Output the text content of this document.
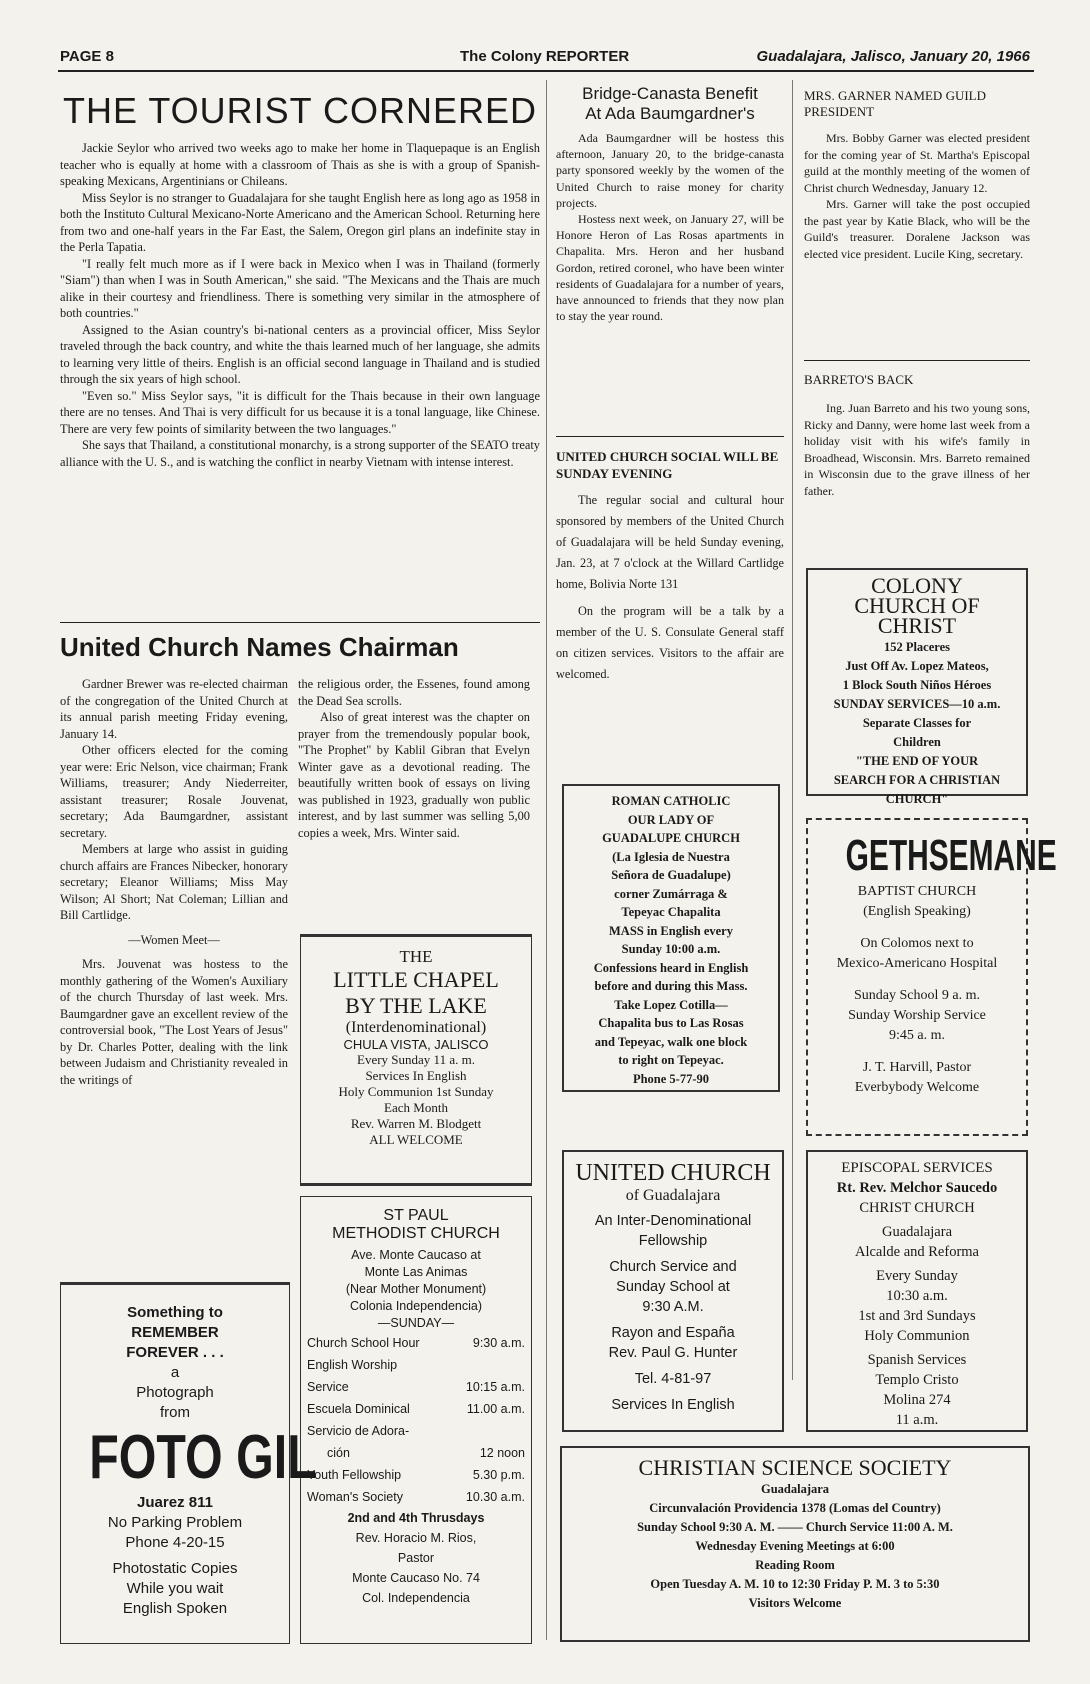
PAGE 8	The Colony REPORTER	Guadalajara, Jalisco, January 20, 1966
THE TOURIST CORNERED

Jackie Seylor who arrived two weeks ago to make her home in Tlaquepaque is an English teacher who is equally at home with a classroom of Thais as she is with a group of Spanish-speaking Mexicans, Argentinians or Chileans.

Miss Seylor is no stranger to Guadalajara for she taught English here as long ago as 1958 in both the Instituto Cultural Mexicano-Norte Americano and the American School. Returning here from two and one-half years in the Far East, the Salem, Oregon girl plans an indefinite stay in the Perla Tapatia.

"I really felt much more as if I were back in Mexico when I was in Thailand (formerly "Siam") than when I was in South American," she said. "The Mexicans and the Thais are much alike in their courtesy and friendliness. There is something very similar in the atmosphere of both countries."

Assigned to the Asian country's bi-national centers as a provincial officer, Miss Seylor traveled through the back country, and white the thais learned much of her language, she admits to learning very little of theirs. English is an official second language in Thailand and is studied through the six years of high school.

"Even so." Miss Seylor says, "it is difficult for the Thais because in their own language there are no tenses. And Thai is very difficult for us because it is a tonal language, like Chinese. There are very few points of similarity between the two languages."

She says that Thailand, a constitutional monarchy, is a strong supporter of the SEATO treaty alliance with the U. S., and is watching the conflict in nearby Vietnam with intense interest.

United Church Names Chairman

Gardner Brewer was re-elected chairman of the congregation of the United Church at its annual parish meeting Friday evening, January 14.

Other officers elected for the coming year were: Eric Nelson, vice chairman; Frank Williams, treasurer; Andy Niederreiter, assistant treasurer; Rosale Jouvenat, secretary; Ada Baumgardner, assistant secretary.

Members at large who assist in guiding church affairs are Frances Nibecker, honorary secretary; Eleanor Williams; Miss May Wilson; Al Short; Nat Coleman; Lillian and Bill Cartlidge.

—Women Meet—

Mrs. Jouvenat was hostess to the monthly gathering of the Women's Auxiliary of the church Thursday of last week. Mrs. Baumgardner gave an excellent review of the controversial book, "The Lost Years of Jesus" by Dr. Charles Potter, dealing with the link between Judaism and Christianity revealed in the writings of

the religious order, the Essenes, found among the Dead Sea scrolls.

Also of great interest was the chapter on prayer from the tremendously popular book, "The Prophet" by Kablil Gibran that Evelyn Winter gave as a devotional reading. The beautifully written book of essays on living was published in 1923, gradually won public interest, and by last summer was selling 5,00 copies a week, Mrs. Winter said.

THE
LITTLE CHAPEL
BY THE LAKE
(Interdenominational)
CHULA VISTA, JALISCO
Every Sunday 11 a. m.
Services In English
Holy Communion 1st Sunday
Each Month
Rev. Warren M. Blodgett
ALL WELCOME
ST PAUL
METHODIST CHURCH
Ave. Monte Caucaso at
Monte Las Animas
(Near Mother Monument)
Colonia Independencia)
—SUNDAY—
Church School Hour	9:30 a.m.
English Worship
Service	10:15 a.m.
Escuela Dominical	11.00 a.m.
Servicio de Adora-
ción	12 noon
Youth Fellowship	5.30 p.m.
Woman's Society	10.30 a.m.
2nd and 4th Thrusdays
Rev. Horacio M. Rios,
Pastor
Monte Caucaso No. 74
Col. Independencia
Something to
REMEMBER
FOREVER . . .
a
Photograph
from
FOTO GIL
Juarez 811
No Parking Problem
Phone 4-20-15
Photostatic Copies
While you wait
English Spoken
Bridge-Canasta Benefit
At Ada Baumgardner's

Ada Baumgardner will be hostess this afternoon, January 20, to the bridge-canasta party sponsored weekly by the women of the United Church to raise money for charity projects.

Hostess next week, on January 27, will be Honore Heron of Las Rosas apartments in Chapalita. Mrs. Heron and her husband Gordon, retired coronel, who have been winter residents of Guadalajara for a number of years, have announced to friends that they now plan to stay the year round.

UNITED CHURCH SOCIAL WILL BE SUNDAY EVENING

The regular social and cultural hour sponsored by members of the United Church of Guadalajara will be held Sunday evening, Jan. 23, at 7 o'clock at the Willard Cartlidge home, Bolivia Norte 131

On the program will be a talk by a member of the U. S. Consulate General staff on citizen services. Visitors to the affair are welcomed.

ROMAN CATHOLIC
OUR LADY OF
GUADALUPE CHURCH
(La Iglesia de Nuestra
Señora de Guadalupe)
corner Zumárraga &
Tepeyac Chapalita
MASS in English every
Sunday 10:00 a.m.
Confessions heard in English
before and during this Mass.
Take Lopez Cotilla—
Chapalita bus to Las Rosas
and Tepeyac, walk one block
to right on Tepeyac.
Phone 5-77-90
UNITED CHURCH
of Guadalajara
An Inter-Denominational
Fellowship
Church Service and
Sunday School at
9:30 A.M.
Rayon and España
Rev. Paul G. Hunter
Tel. 4-81-97
Services In English
MRS. GARNER NAMED GUILD PRESIDENT

Mrs. Bobby Garner was elected president for the coming year of St. Martha's Episcopal guild at the monthly meeting of the women of Christ church Wednesday, January 12.

Mrs. Garner will take the post occupied the past year by Katie Black, who will be the Guild's treasurer. Doralene Jackson was elected vice president. Lucile King, secretary.

BARRETO'S BACK

Ing. Juan Barreto and his two young sons, Ricky and Danny, were home last week from a holiday visit with his wife's family in Broadhead, Wisconsin. Mrs. Barreto remained in Wisconsin due to the grave illness of her father.

COLONY
CHURCH OF
CHRIST
152 Placeres
Just Off Av. Lopez Mateos,
1 Block South Niños Héroes
SUNDAY SERVICES—10 a.m.
Separate Classes for
Children
"THE END OF YOUR
SEARCH FOR A CHRISTIAN
CHURCH"
GETHSEMANE
BAPTIST CHURCH
(English Speaking)
On Colomos next to
Mexico-Americano Hospital
Sunday School 9 a. m.
Sunday Worship Service
9:45 a. m.
J. T. Harvill, Pastor
Everbybody Welcome
EPISCOPAL SERVICES
Rt. Rev. Melchor Saucedo
CHRIST CHURCH
Guadalajara
Alcalde and Reforma
Every Sunday
10:30 a.m.
1st and 3rd Sundays
Holy Communion
Spanish Services
Templo Cristo
Molina 274
11 a.m.
CHRISTIAN SCIENCE SOCIETY
Guadalajara
Circunvalación Providencia 1378 (Lomas del Country)
Sunday School 9:30 A. M. —— Church Service 11:00 A. M.
Wednesday Evening Meetings at 6:00
Reading Room
Open Tuesday A. M. 10 to 12:30 Friday P. M. 3 to 5:30
Visitors Welcome
